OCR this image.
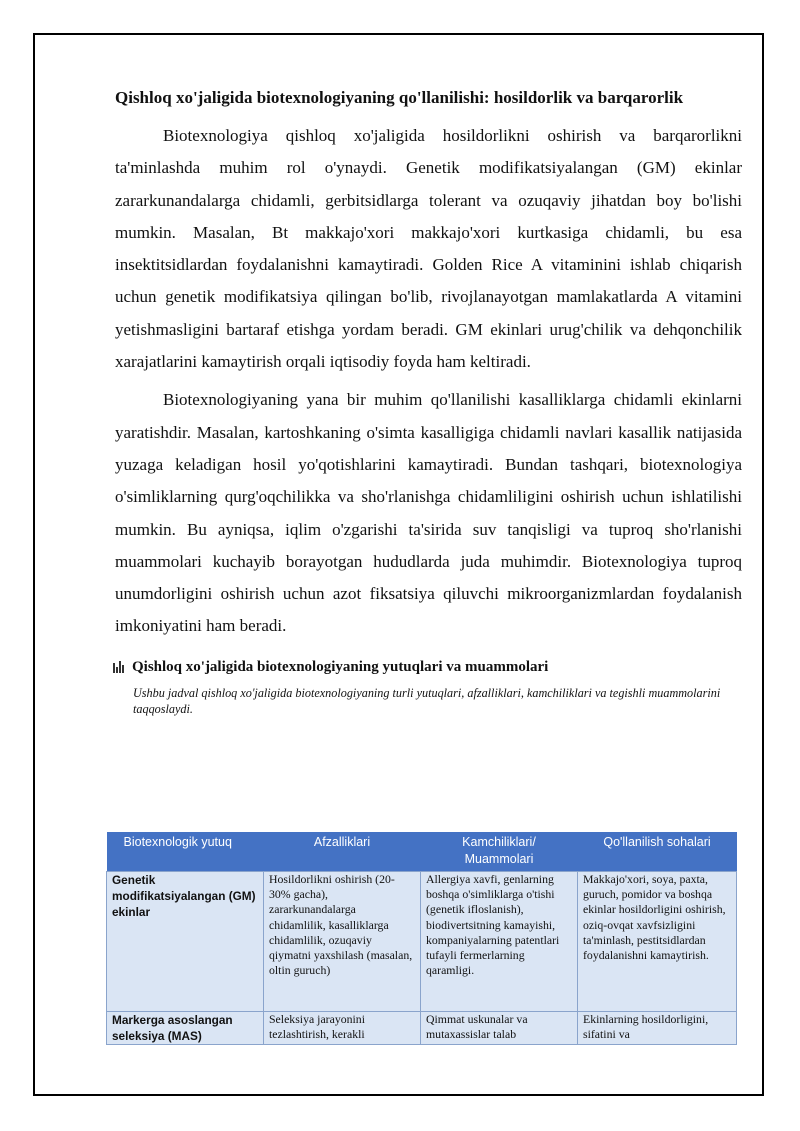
Qishloq xo'jaligida biotexnologiyaning qo'llanilishi: hosildorlik va barqarorlik

Biotexnologiya qishloq xo'jaligida hosildorlikni oshirish va barqarorlikni ta'minlashda muhim rol o'ynaydi. Genetik modifikatsiyalangan (GM) ekinlar zararkunandalarga chidamli, gerbitsidlarga tolerant va ozuqaviy jihatdan boy bo'lishi mumkin. Masalan, Bt makkajo'xori makkajo'xori kurtkasiga chidamli, bu esa insektitsidlardan foydalanishni kamaytiradi. Golden Rice A vitaminini ishlab chiqarish uchun genetik modifikatsiya qilingan bo'lib, rivojlanayotgan mamlakatlarda A vitamini yetishmasligini bartaraf etishga yordam beradi. GM ekinlari urug'chilik va dehqonchilik xarajatlarini kamaytirish orqali iqtisodiy foyda ham keltiradi.

Biotexnologiyaning yana bir muhim qo'llanilishi kasalliklarga chidamli ekinlarni yaratishdir. Masalan, kartoshkaning o'simta kasalligiga chidamli navlari kasallik natijasida yuzaga keladigan hosil yo'qotishlarini kamaytiradi. Bundan tashqari, biotexnologiya o'simliklarning qurg'oqchilikka va sho'rlanishga chidamliligini oshirish uchun ishlatilishi mumkin. Bu ayniqsa, iqlim o'zgarishi ta'sirida suv tanqisligi va tuproq sho'rlanishi muammolari kuchayib borayotgan hududlarda juda muhimdir. Biotexnologiya tuproq unumdorligini oshirish uchun azot fiksatsiya qiluvchi mikroorganizmlardan foydalanish imkoniyatini ham beradi.

Qishloq xo'jaligida biotexnologiyaning yutuqlari va muammolari
Ushbu jadval qishloq xo'jaligida biotexnologiyaning turli yutuqlari, afzalliklari, kamchiliklari va tegishli muammolarini taqqoslaydi.
Biotexnologik yutuq	Afzalliklari	Kamchiliklari/ Muammolari	Qo'llanilish sohalari

Genetik modifikatsiyalangan (GM) ekinlar	Hosildorlikni oshirish (20-30% gacha), zararkunandalarga chidamlilik, kasalliklarga chidamlilik, ozuqaviy qiymatni yaxshilash (masalan, oltin guruch)	Allergiya xavfi, genlarning boshqa o'simliklarga o'tishi (genetik ifloslanish), biodivertsitning kamayishi, kompaniyalarning patentlari tufayli fermerlarning qaramligi.	Makkajo'xori, soya, paxta, guruch, pomidor va boshqa ekinlar hosildorligini oshirish, oziq-ovqat xavfsizligini ta'minlash, pestitsidlardan foydalanishni kamaytirish.

Markerga asoslangan seleksiya (MAS)	Seleksiya jarayonini tezlashtirish, kerakli	Qimmat uskunalar va mutaxassislar talab	Ekinlarning hosildorligini, sifatini va
